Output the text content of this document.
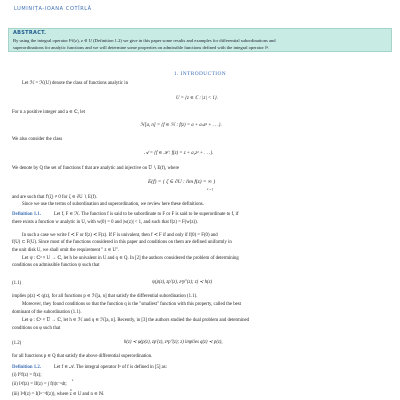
LUMINIȚA-IOANA COTÎRLĂ
ABSTRACT.
By using the integral operator Iⁿf(z), z ∈ U (Definition 1.2) we give in this paper some results and examples for differential subordinations and
superordinations for analytic functions and we will determine some properties on admissible functions defined with the integral operator Iⁿ.
1. INTRODUCTION
Let ℋ = ℋ(U) denote the class of functions analytic in
U = {z ∈ ℂ : |z| < 1}.
For n a positive integer and a ∈ ℂ, let
ℋ[a, n] = {f ∈ ℋ : f(z) = a + aₙzⁿ + . . .}.
We also consider the class
𝒜 = {f ∈ ℋ : f(z) = z + a₂z² + . . .}.
We denote by Q the set of functions f that are analytic and injective on U̅ ∖ E(f), where
E(f) = { ζ ∈ ∂U : lim f(z) = ∞ }
z→ζ
and are such that f′(ζ) ≠ 0 for ζ ∈ ∂U ∖ E(f).
Since we use the terms of subordination and superordination, we review here these definitions.
Definition 1.1.	Let f, F ∈ ℋ. The function f is said to be subordinate to F or F is said to be superordinate to f, if
there exists a function w analytic in U, with w(0) = 0 and |w(z)| < 1, and such that f(z) = F(w(z)).
In such a case we write f ≺ F or f(z) ≺ F(z). If F is univalent, then f ≺ F if and only if f(0) = F(0) and
f(U) ⊂ F(U). Since most of the functions considered in this paper and conditions on them are defined uniformly in
the unit disk U, we shall omit the requirement " z ∈ U".
Let ψ : ℂ³ × U → ℂ, let h be univalent in U and q ∈ Q. In [2] the authors considered the problem of determining
conditions on admissible function ψ such that
(1.1)	ψ(p(z), zp′(z), z²p″(z); z) ≺ h(z)
implies p(z) ≺ q(z), for all functions p ∈ ℋ[a, n] that satisfy the differential subordination (1.1).
Moreover, they found conditions so that the function q is the "smallest" function with this property, called the best
dominant of the subordination (1.1).
Let φ : ℂ³ × U̅ → ℂ, let h ∈ ℋ and q ∈ ℋ[a, n]. Recently, in [3] the authors studied the dual problem and determined
conditions on φ such that
(1.2)	h(z) ≺ φ(p(z), zp′(z), z²p″(z); z) implies q(z) ≺ p(z),
for all functions p ∈ Q that satisfy the above differential superordination.
Definition 1.2.	Let f ∈ 𝒜. The integral operator Iⁿ of f is defined in [5] as:
(i) I⁰f(z) = f(z);
(ii) I¹f(z) = If(z) = ∫ f(t)t⁻¹dt;
z
0
(iii) Iⁿf(z) = I(Iⁿ⁻¹f(z)), where z ∈ U and n ∈ ℕ.
